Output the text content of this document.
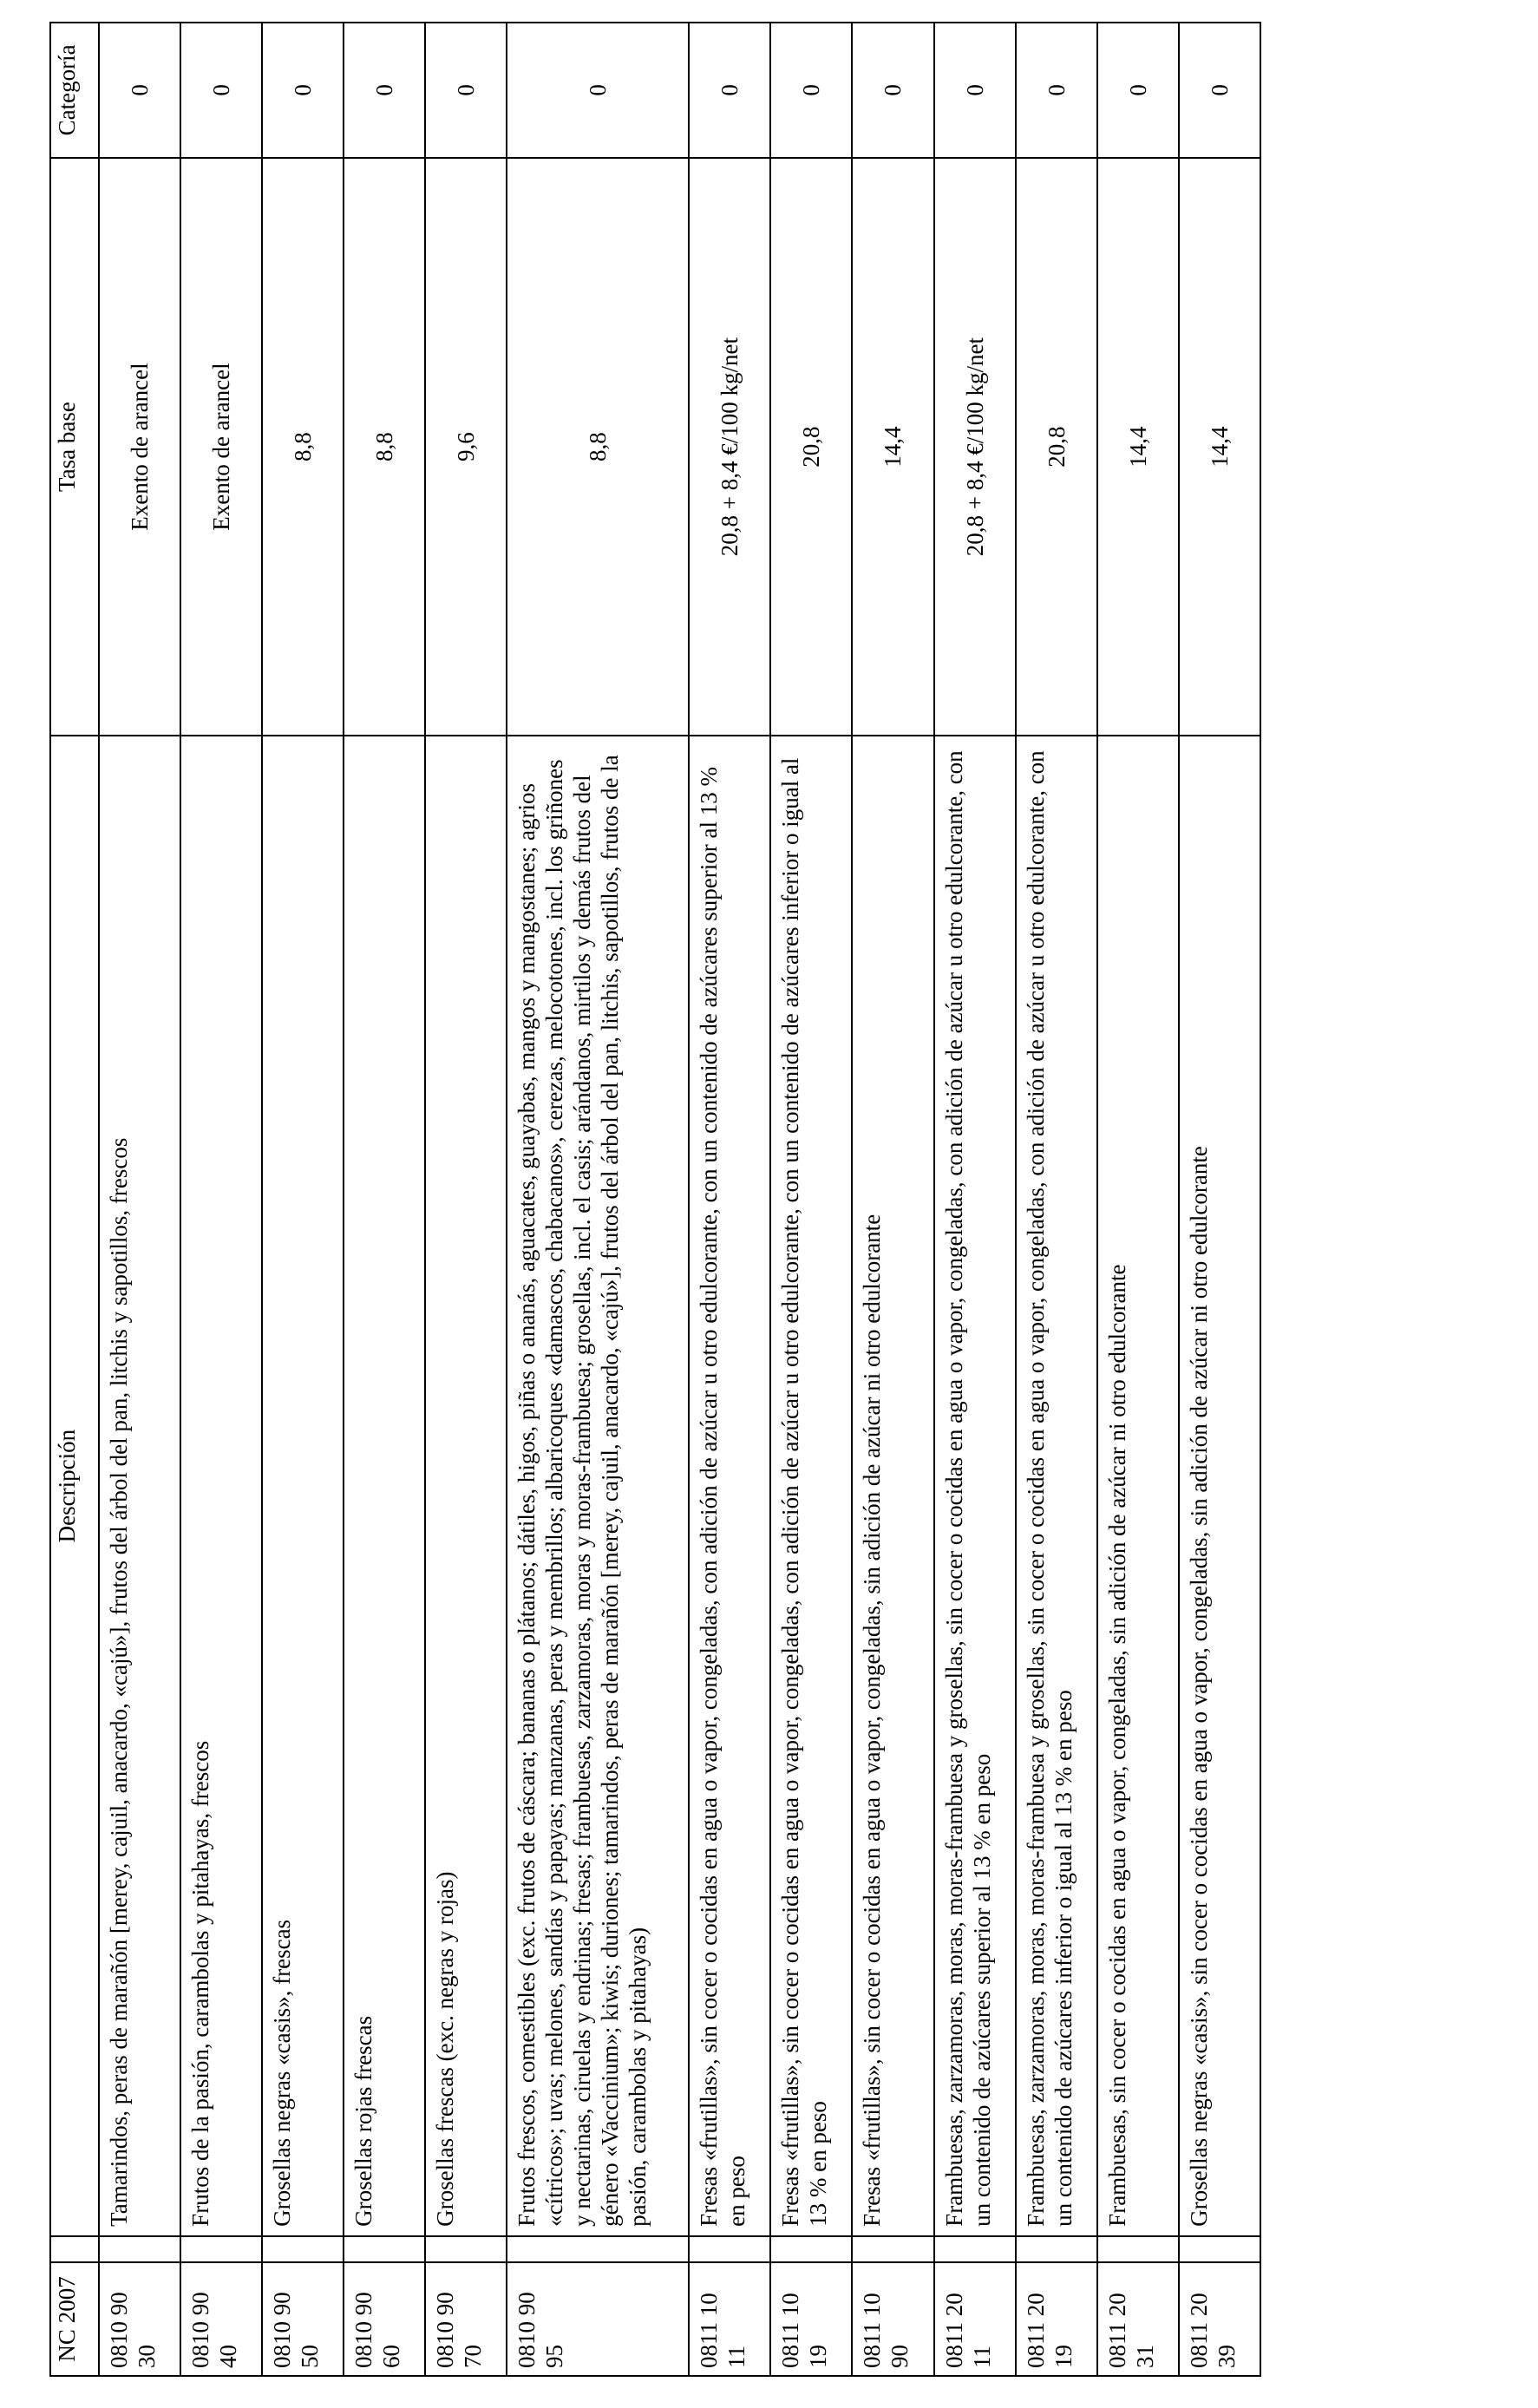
NC 2007		Descripción	Tasa base	Categoría
0810 90 30		Tamarindos, peras de marañón [merey, cajuil, anacardo, «cajú»], frutos del árbol del pan, litchis y sapotillos, frescos	Exento de arancel	0
0810 90 40		Frutos de la pasión, carambolas y pitahayas, frescos	Exento de arancel	0
0810 90 50		Grosellas negras «casis», frescas	8,8	0
0810 90 60		Grosellas rojas frescas	8,8	0
0810 90 70		Grosellas frescas (exc. negras y rojas)	9,6	0
0810 90 95		Frutos frescos, comestibles (exc. frutos de cáscara; bananas o plátanos; dátiles, higos, piñas o ananás, aguacates, guayabas, mangos y mangostanes; agrios «cítricos»; uvas; melones, sandías y papayas; manzanas, peras y membrillos; albaricoques «damascos, chabacanos», cerezas, melocotones, incl. los griñones y nectarinas, ciruelas y endrinas; fresas; frambuesas, zarzamoras, moras y moras-frambuesa; grosellas, incl. el casis; arándanos, mirtilos y demás frutos del género «Vaccinium»; kiwis; duriones; tamarindos, peras de marañón [merey, cajuil, anacardo, «cajú»], frutos del árbol del pan, litchis, sapotillos, frutos de la pasión, carambolas y pitahayas)	8,8	0
0811 10 11		Fresas «frutillas», sin cocer o cocidas en agua o vapor, congeladas, con adición de azúcar u otro edulcorante, con un contenido de azúcares superior al 13 % en peso	20,8 + 8,4 €/100 kg/net	0
0811 10 19		Fresas «frutillas», sin cocer o cocidas en agua o vapor, congeladas, con adición de azúcar u otro edulcorante, con un contenido de azúcares inferior o igual al 13 % en peso	20,8	0
0811 10 90		Fresas «frutillas», sin cocer o cocidas en agua o vapor, congeladas, sin adición de azúcar ni otro edulcorante	14,4	0
0811 20 11		Frambuesas, zarzamoras, moras, moras-frambuesa y grosellas, sin cocer o cocidas en agua o vapor, congeladas, con adición de azúcar u otro edulcorante, con un contenido de azúcares superior al 13 % en peso	20,8 + 8,4 €/100 kg/net	0
0811 20 19		Frambuesas, zarzamoras, moras, moras-frambuesa y grosellas, sin cocer o cocidas en agua o vapor, congeladas, con adición de azúcar u otro edulcorante, con un contenido de azúcares inferior o igual al 13 % en peso	20,8	0
0811 20 31		Frambuesas, sin cocer o cocidas en agua o vapor, congeladas, sin adición de azúcar ni otro edulcorante	14,4	0
0811 20 39		Grosellas negras «casis», sin cocer o cocidas en agua o vapor, congeladas, sin adición de azúcar ni otro edulcorante	14,4	0
